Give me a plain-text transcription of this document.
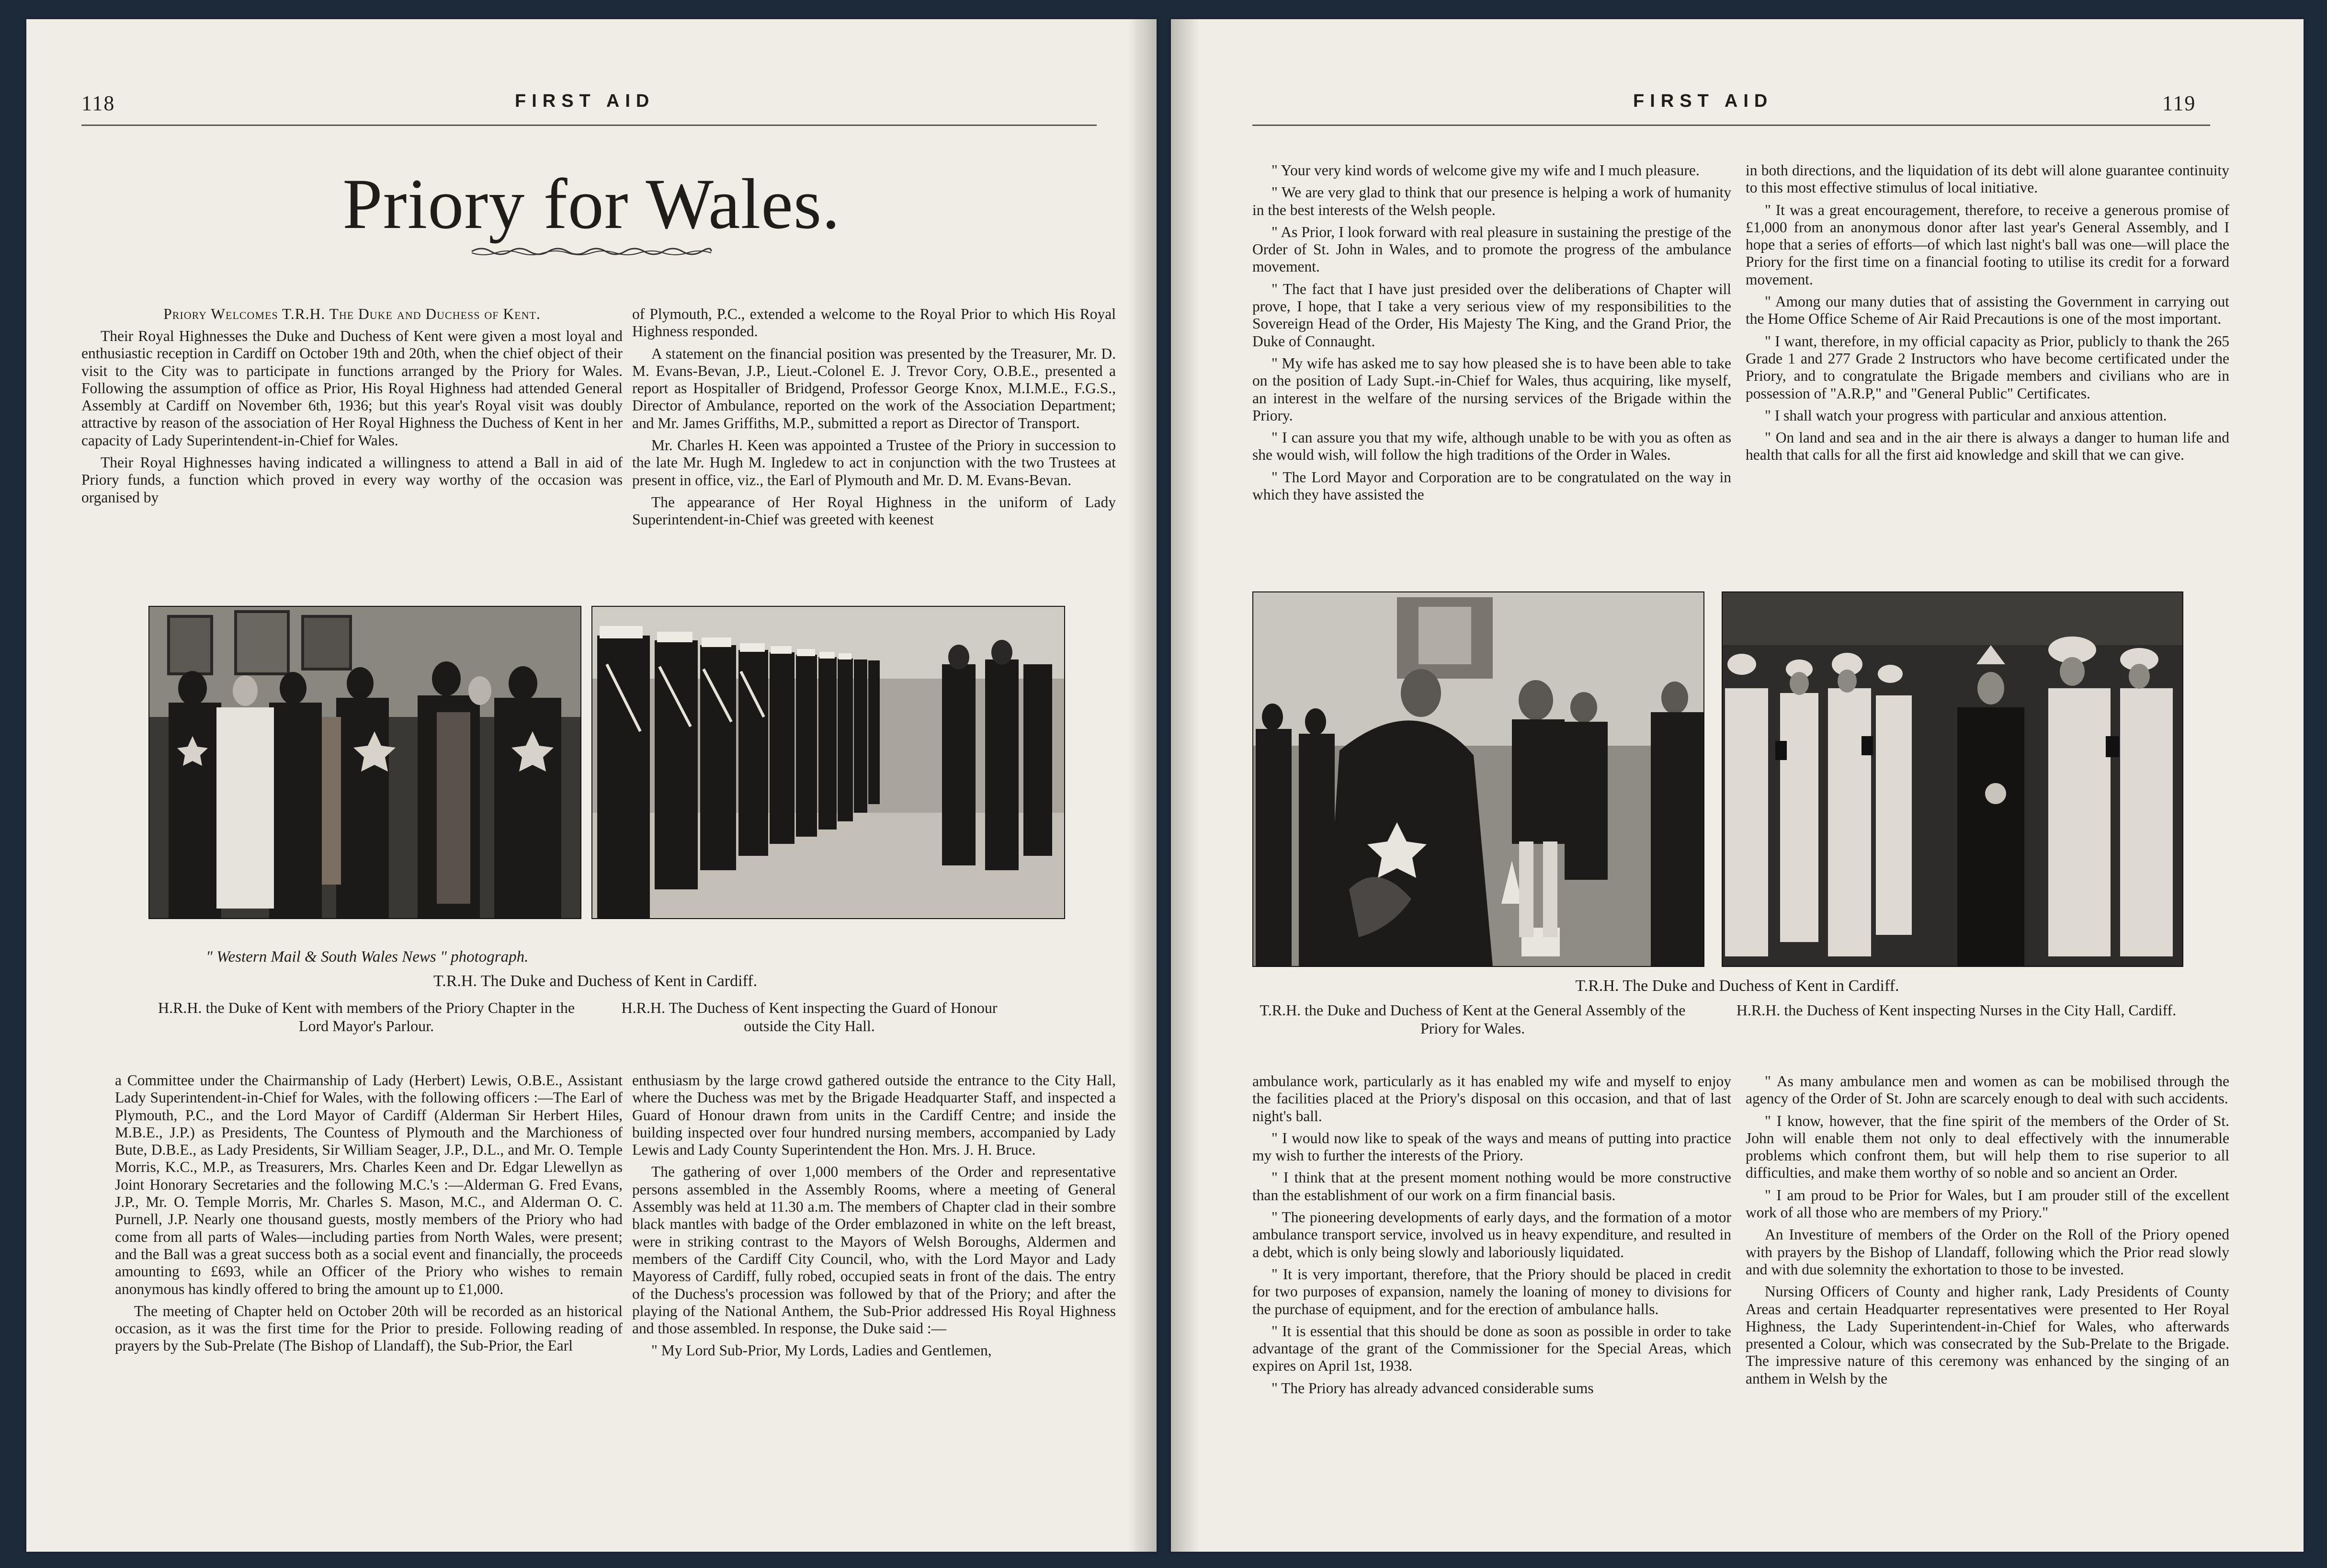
118	FIRST AID
Priory for Wales.

Priory Welcomes T.R.H. The Duke and Duchess of Kent.

Their Royal Highnesses the Duke and Duchess of Kent were given a most loyal and enthusiastic reception in Cardiff on October 19th and 20th, when the chief object of their visit to the City was to participate in functions arranged by the Priory for Wales. Following the assumption of office as Prior, His Royal Highness had attended General Assembly at Cardiff on November 6th, 1936; but this year's Royal visit was doubly attractive by reason of the association of Her Royal Highness the Duchess of Kent in her capacity of Lady Superintendent-in-Chief for Wales.

Their Royal Highnesses having indicated a willingness to attend a Ball in aid of Priory funds, a function which proved in every way worthy of the occasion was organised by

of Plymouth, P.C., extended a welcome to the Royal Prior to which His Royal Highness responded.

A statement on the financial position was presented by the Treasurer, Mr. D. M. Evans-Bevan, J.P., Lieut.-Colonel E. J. Trevor Cory, O.B.E., presented a report as Hospitaller of Bridgend, Professor George Knox, M.I.M.E., F.G.S., Director of Ambulance, reported on the work of the Association Department; and Mr. James Griffiths, M.P., submitted a report as Director of Transport.

Mr. Charles H. Keen was appointed a Trustee of the Priory in succession to the late Mr. Hugh M. Ingledew to act in conjunction with the two Trustees at present in office, viz., the Earl of Plymouth and Mr. D. M. Evans-Bevan.

The appearance of Her Royal Highness in the uniform of Lady Superintendent-in-Chief was greeted with keenest

" Western Mail & South Wales News " photograph.
T.R.H. The Duke and Duchess of Kent in Cardiff.
H.R.H. the Duke of Kent with members of the Priory Chapter in the Lord Mayor's Parlour.
H.R.H. The Duchess of Kent inspecting the Guard of Honour outside the City Hall.

a Committee under the Chairmanship of Lady (Herbert) Lewis, O.B.E., Assistant Lady Superintendent-in-Chief for Wales, with the following officers :—The Earl of Plymouth, P.C., and the Lord Mayor of Cardiff (Alderman Sir Herbert Hiles, M.B.E., J.P.) as Presidents, The Countess of Plymouth and the Marchioness of Bute, D.B.E., as Lady Presidents, Sir William Seager, J.P., D.L., and Mr. O. Temple Morris, K.C., M.P., as Treasurers, Mrs. Charles Keen and Dr. Edgar Llewellyn as Joint Honorary Secretaries and the following M.C.'s :—Alderman G. Fred Evans, J.P., Mr. O. Temple Morris, Mr. Charles S. Mason, M.C., and Alderman O. C. Purnell, J.P. Nearly one thousand guests, mostly members of the Priory who had come from all parts of Wales—including parties from North Wales, were present; and the Ball was a great success both as a social event and financially, the proceeds amounting to £693, while an Officer of the Priory who wishes to remain anonymous has kindly offered to bring the amount up to £1,000.

The meeting of Chapter held on October 20th will be recorded as an historical occasion, as it was the first time for the Prior to preside. Following reading of prayers by the Sub-Prelate (The Bishop of Llandaff), the Sub-Prior, the Earl

enthusiasm by the large crowd gathered outside the entrance to the City Hall, where the Duchess was met by the Brigade Headquarter Staff, and inspected a Guard of Honour drawn from units in the Cardiff Centre; and inside the building inspected over four hundred nursing members, accompanied by Lady Lewis and Lady County Superintendent the Hon. Mrs. J. H. Bruce.

The gathering of over 1,000 members of the Order and representative persons assembled in the Assembly Rooms, where a meeting of General Assembly was held at 11.30 a.m. The members of Chapter clad in their sombre black mantles with badge of the Order emblazoned in white on the left breast, were in striking contrast to the Mayors of Welsh Boroughs, Aldermen and members of the Cardiff City Council, who, with the Lord Mayor and Lady Mayoress of Cardiff, fully robed, occupied seats in front of the dais. The entry of the Duchess's procession was followed by that of the Priory; and after the playing of the National Anthem, the Sub-Prior addressed His Royal Highness and those assembled. In response, the Duke said :—

" My Lord Sub-Prior, My Lords, Ladies and Gentlemen,

FIRST AID	119

" Your very kind words of welcome give my wife and I much pleasure.

" We are very glad to think that our presence is helping a work of humanity in the best interests of the Welsh people.

" As Prior, I look forward with real pleasure in sustaining the prestige of the Order of St. John in Wales, and to promote the progress of the ambulance movement.

" The fact that I have just presided over the deliberations of Chapter will prove, I hope, that I take a very serious view of my responsibilities to the Sovereign Head of the Order, His Majesty The King, and the Grand Prior, the Duke of Connaught.

" My wife has asked me to say how pleased she is to have been able to take on the position of Lady Supt.-in-Chief for Wales, thus acquiring, like myself, an interest in the welfare of the nursing services of the Brigade within the Priory.

" I can assure you that my wife, although unable to be with you as often as she would wish, will follow the high traditions of the Order in Wales.

" The Lord Mayor and Corporation are to be congratulated on the way in which they have assisted the

in both directions, and the liquidation of its debt will alone guarantee continuity to this most effective stimulus of local initiative.

" It was a great encouragement, therefore, to receive a generous promise of £1,000 from an anonymous donor after last year's General Assembly, and I hope that a series of efforts—of which last night's ball was one—will place the Priory for the first time on a financial footing to utilise its credit for a forward movement.

" Among our many duties that of assisting the Government in carrying out the Home Office Scheme of Air Raid Precautions is one of the most important.

" I want, therefore, in my official capacity as Prior, publicly to thank the 265 Grade 1 and 277 Grade 2 Instructors who have become certificated under the Priory, and to congratulate the Brigade members and civilians who are in possession of "A.R.P," and "General Public" Certificates.

" I shall watch your progress with particular and anxious attention.

" On land and sea and in the air there is always a danger to human life and health that calls for all the first aid knowledge and skill that we can give.

T.R.H. The Duke and Duchess of Kent in Cardiff.
T.R.H. the Duke and Duchess of Kent at the General Assembly of the Priory for Wales.
H.R.H. the Duchess of Kent inspecting Nurses in the City Hall, Cardiff.

ambulance work, particularly as it has enabled my wife and myself to enjoy the facilities placed at the Priory's disposal on this occasion, and that of last night's ball.

" I would now like to speak of the ways and means of putting into practice my wish to further the interests of the Priory.

" I think that at the present moment nothing would be more constructive than the establishment of our work on a firm financial basis.

" The pioneering developments of early days, and the formation of a motor ambulance transport service, involved us in heavy expenditure, and resulted in a debt, which is only being slowly and laboriously liquidated.

" It is very important, therefore, that the Priory should be placed in credit for two purposes of expansion, namely the loaning of money to divisions for the purchase of equipment, and for the erection of ambulance halls.

" It is essential that this should be done as soon as possible in order to take advantage of the grant of the Commissioner for the Special Areas, which expires on April 1st, 1938.

" The Priory has already advanced considerable sums

" As many ambulance men and women as can be mobilised through the agency of the Order of St. John are scarcely enough to deal with such accidents.

" I know, however, that the fine spirit of the members of the Order of St. John will enable them not only to deal effectively with the innumerable problems which confront them, but will help them to rise superior to all difficulties, and make them worthy of so noble and so ancient an Order.

" I am proud to be Prior for Wales, but I am prouder still of the excellent work of all those who are members of my Priory."

An Investiture of members of the Order on the Roll of the Priory opened with prayers by the Bishop of Llandaff, following which the Prior read slowly and with due solemnity the exhortation to those to be invested.

Nursing Officers of County and higher rank, Lady Presidents of County Areas and certain Headquarter representatives were presented to Her Royal Highness, the Lady Superintendent-in-Chief for Wales, who afterwards presented a Colour, which was consecrated by the Sub-Prelate to the Brigade. The impressive nature of this ceremony was enhanced by the singing of an anthem in Welsh by the
